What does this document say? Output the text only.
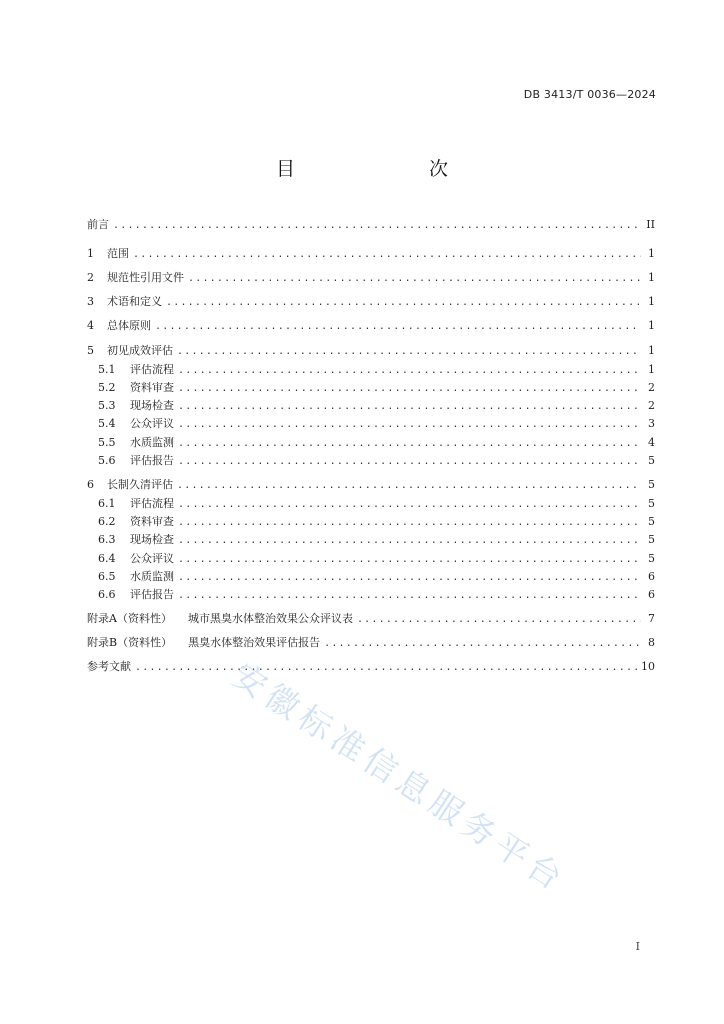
DB 3413/T 0036—2024
目　　次
前言 .....	II
1	范围 .....	1
2	规范性引用文件 .....	1
3	术语和定义 .....	1
4	总体原则 .....	1
5	初见成效评估 .....	1
5.1	评估流程 .....	1
5.2	资料审查 .....	2
5.3	现场检查 .....	2
5.4	公众评议 .....	3
5.5	水质监测 .....	4
5.6	评估报告 .....	5
6	长制久清评估 .....	5
6.1	评估流程 .....	5
6.2	资料审查 .....	5
6.3	现场检查 .....	5
6.4	公众评议 .....	5
6.5	水质监测 .....	6
6.6	评估报告 .....	6
附录A（资料性） 城市黑臭水体整治效果公众评议表 .....	7
附录B（资料性） 黑臭水体整治效果评估报告 .....	8
参考文献 .....	10
安徽标准信息服务平台
I
